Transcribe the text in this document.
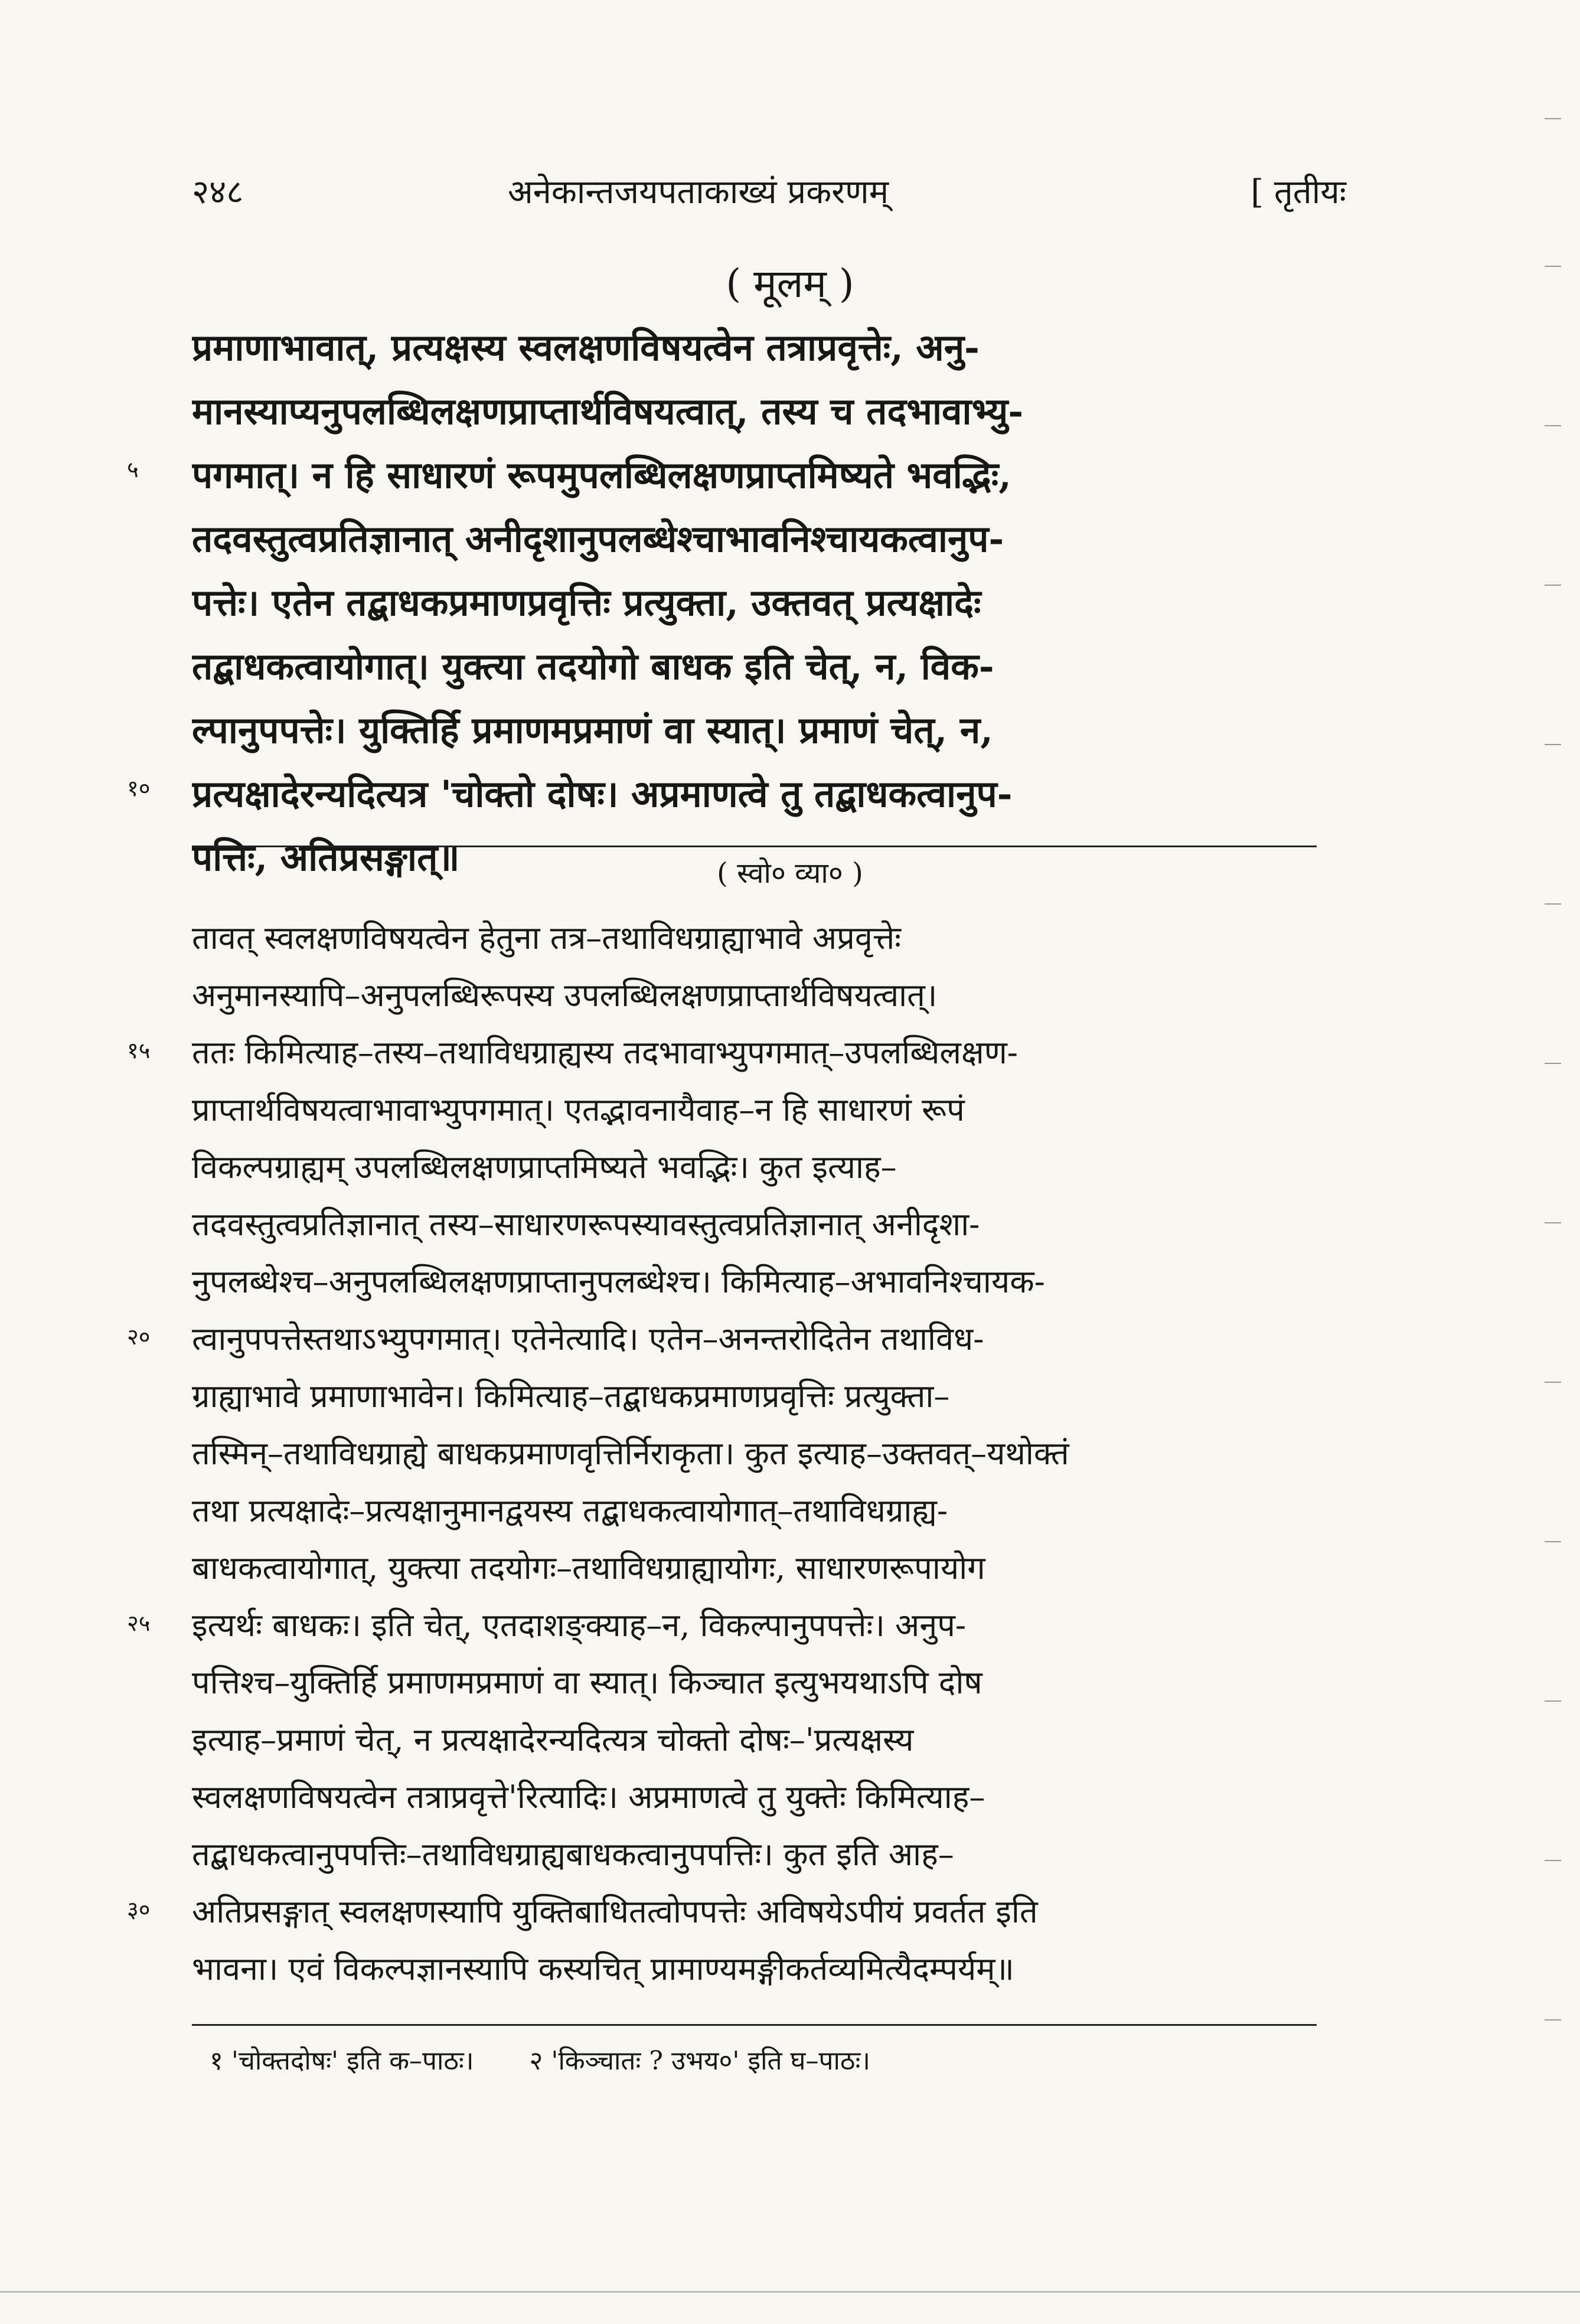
२४८	अनेकान्तजयपताकाख्यं प्रकरणम्	[ तृतीयः
( मूलम् )
प्रमाणाभावात्, प्रत्यक्षस्य स्वलक्षणविषयत्वेन तत्राप्रवृत्तेः, अनु-
मानस्याप्यनुपलब्धिलक्षणप्राप्तार्थविषयत्वात्, तस्य च तदभावाभ्यु-
पगमात्। न हि साधारणं रूपमुपलब्धिलक्षणप्राप्तमिष्यते भवद्भिः,
तदवस्तुत्वप्रतिज्ञानात् अनीदृशानुपलब्धेश्चाभावनिश्चायकत्वानुप-
पत्तेः। एतेन तद्बाधकप्रमाणप्रवृत्तिः प्रत्युक्ता, उक्तवत् प्रत्यक्षादेः
तद्बाधकत्वायोगात्। युक्त्या तदयोगो बाधक इति चेत्, न, विक-
ल्पानुपपत्तेः। युक्तिर्हि प्रमाणमप्रमाणं वा स्यात्। प्रमाणं चेत्, न,
प्रत्यक्षादेरन्यदित्यत्र 'चोक्तो दोषः। अप्रमाणत्वे तु तद्बाधकत्वानुप-
पत्तिः, अतिप्रसङ्गात्॥	( स्वो० व्या० )
तावत् स्वलक्षणविषयत्वेन हेतुना तत्र–तथाविधग्राह्याभावे अप्रवृत्तेः
अनुमानस्यापि–अनुपलब्धिरूपस्य उपलब्धिलक्षणप्राप्तार्थविषयत्वात्।
ततः किमित्याह–तस्य–तथाविधग्राह्यस्य तदभावाभ्युपगमात्–उपलब्धिलक्षण-
प्राप्तार्थविषयत्वाभावाभ्युपगमात्। एतद्भावनायैवाह–न हि साधारणं रूपं
विकल्पग्राह्यम् उपलब्धिलक्षणप्राप्तमिष्यते भवद्भिः। कुत इत्याह–
तदवस्तुत्वप्रतिज्ञानात् तस्य–साधारणरूपस्यावस्तुत्वप्रतिज्ञानात् अनीदृशा-
नुपलब्धेश्च–अनुपलब्धिलक्षणप्राप्तानुपलब्धेश्च। किमित्याह–अभावनिश्चायक-
त्वानुपपत्तेस्तथाऽभ्युपगमात्। एतेनेत्यादि। एतेन–अनन्तरोदितेन तथाविध-
ग्राह्याभावे प्रमाणाभावेन। किमित्याह–तद्बाधकप्रमाणप्रवृत्तिः प्रत्युक्ता–
तस्मिन्–तथाविधग्राह्ये बाधकप्रमाणवृत्तिर्निराकृता। कुत इत्याह–उक्तवत्–यथोक्तं
तथा प्रत्यक्षादेः–प्रत्यक्षानुमानद्वयस्य तद्बाधकत्वायोगात्–तथाविधग्राह्य-
बाधकत्वायोगात्, युक्त्या तदयोगः–तथाविधग्राह्यायोगः, साधारणरूपायोग
इत्यर्थः बाधकः। इति चेत्, एतदाशङ्क्याह–न, विकल्पानुपपत्तेः। अनुप-
पत्तिश्च–युक्तिर्हि प्रमाणमप्रमाणं वा स्यात्। किञ्चात इत्युभयथाऽपि दोष
इत्याह–प्रमाणं चेत्, न प्रत्यक्षादेरन्यदित्यत्र चोक्तो दोषः–'प्रत्यक्षस्य
स्वलक्षणविषयत्वेन तत्राप्रवृत्ते'रित्यादिः। अप्रमाणत्वे तु युक्तेः किमित्याह–
तद्बाधकत्वानुपपत्तिः–तथाविधग्राह्यबाधकत्वानुपपत्तिः। कुत इति आह–
अतिप्रसङ्गात् स्वलक्षणस्यापि युक्तिबाधितत्वोपपत्तेः अविषयेऽपीयं प्रवर्तत इति
भावना। एवं विकल्पज्ञानस्यापि कस्यचित् प्रामाण्यमङ्गीकर्तव्यमित्यैदम्पर्यम्॥
५
१०
१५
२०
२५
३०
१ 'चोक्तदोषः' इति क–पाठः। २ 'किञ्चातः ? उभय०' इति घ–पाठः।
